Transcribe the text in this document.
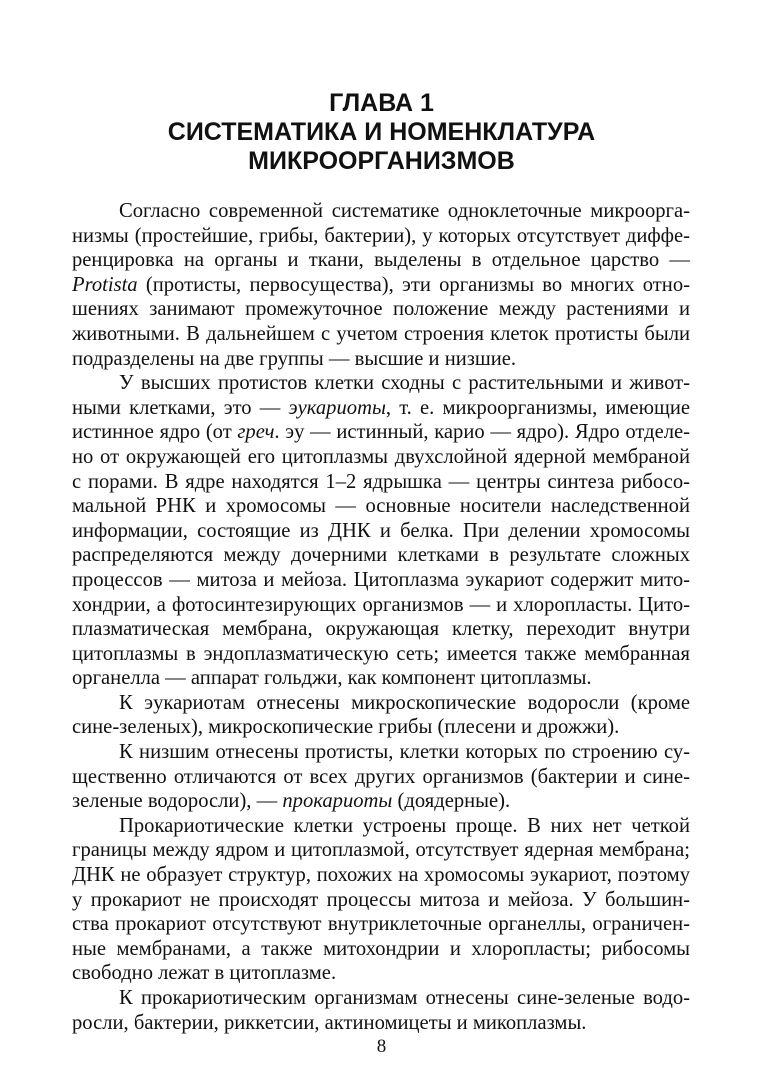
ГЛАВА 1
СИСТЕМАТИКА И НОМЕНКЛАТУРА
МИКРООРГАНИЗМОВ
Согласно современной систематике одноклеточные микроорга-
низмы (простейшие, грибы, бактерии), у которых отсутствует диффе-
ренцировка на органы и ткани, выделены в отдельное царство —
Protista (протисты, первосущества), эти организмы во многих отно-
шениях занимают промежуточное положение между растениями и
животными. В дальнейшем с учетом строения клеток протисты были
подразделены на две группы — высшие и низшие.
У высших протистов клетки сходны с растительными и живот-
ными клетками, это — эукариоты, т. е. микроорганизмы, имеющие
истинное ядро (от греч. эу — истинный, карио — ядро). Ядро отделе-
но от окружающей его цитоплазмы двухслойной ядерной мембраной
с порами. В ядре находятся 1–2 ядрышка — центры синтеза рибосо-
мальной РНК и хромосомы — основные носители наследственной
информации, состоящие из ДНК и белка. При делении хромосомы
распределяются между дочерними клетками в результате сложных
процессов — митоза и мейоза. Цитоплазма эукариот содержит мито-
хондрии, а фотосинтезирующих организмов — и хлоропласты. Цито-
плазматическая мембрана, окружающая клетку, переходит внутри
цитоплазмы в эндоплазматическую сеть; имеется также мембранная
органелла — аппарат гольджи, как компонент цитоплазмы.
К эукариотам отнесены микроскопические водоросли (кроме
сине-зеленых), микроскопические грибы (плесени и дрожжи).
К низшим отнесены протисты, клетки которых по строению су-
щественно отличаются от всех других организмов (бактерии и сине-
зеленые водоросли), — прокариоты (доядерные).
Прокариотические клетки устроены проще. В них нет четкой
границы между ядром и цитоплазмой, отсутствует ядерная мембрана;
ДНК не образует структур, похожих на хромосомы эукариот, поэтому
у прокариот не происходят процессы митоза и мейоза. У большин-
ства прокариот отсутствуют внутриклеточные органеллы, ограничен-
ные мембранами, а также митохондрии и хлоропласты; рибосомы
свободно лежат в цитоплазме.
К прокариотическим организмам отнесены сине-зеленые водо-
росли, бактерии, риккетсии, актиномицеты и микоплазмы.
8
